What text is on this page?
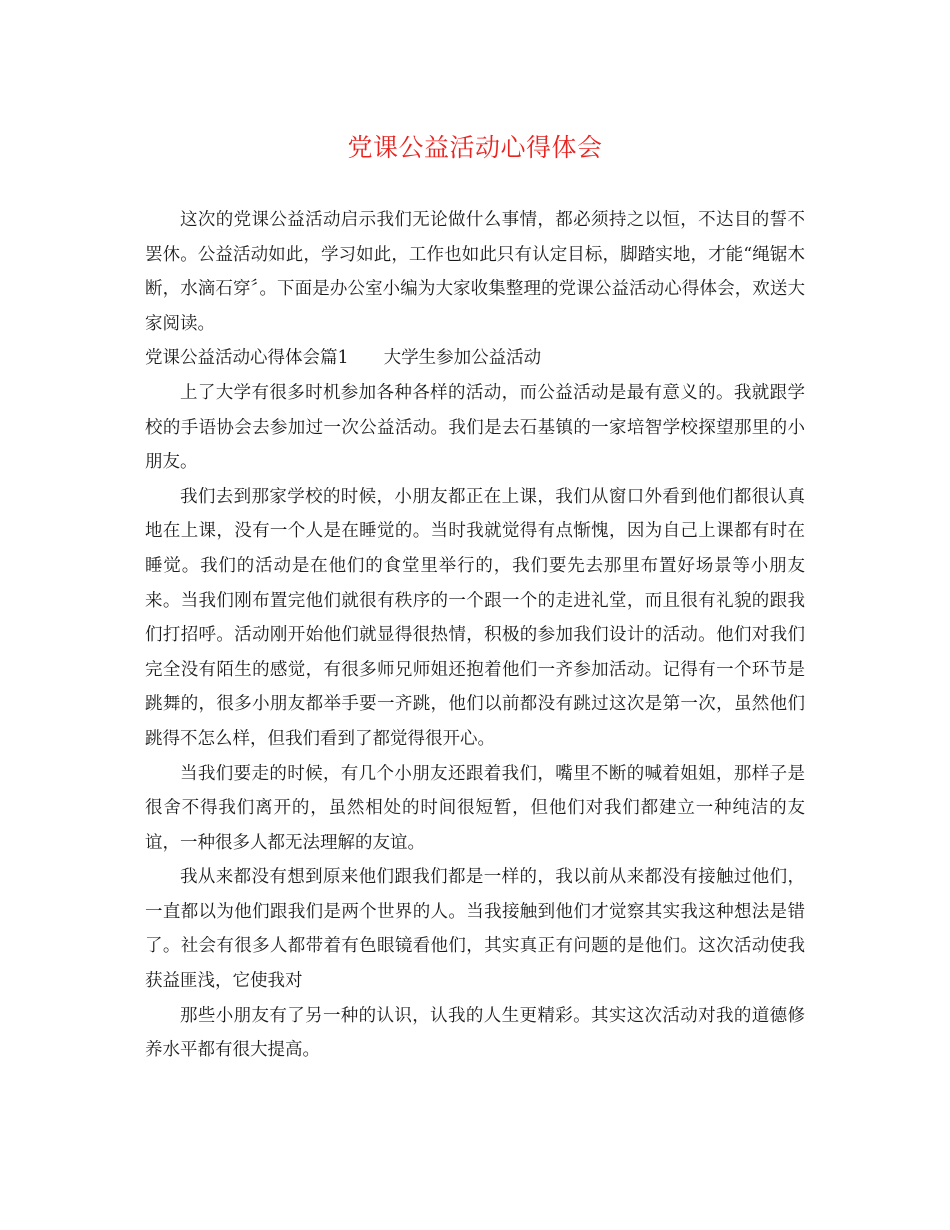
党课公益活动心得体会

这次的党课公益活动启示我们无论做什么事情，都必须持之以恒，不达目的誓不罢休。公益活动如此，学习如此，工作也如此只有认定目标，脚踏实地，才能“绳锯木断，水滴石穿〞。下面是办公室小编为大家收集整理的党课公益活动心得体会，欢送大家阅读。

党课公益活动心得体会篇1　　大学生参加公益活动

上了大学有很多时机参加各种各样的活动，而公益活动是最有意义的。我就跟学校的手语协会去参加过一次公益活动。我们是去石基镇的一家培智学校探望那里的小朋友。

我们去到那家学校的时候，小朋友都正在上课，我们从窗口外看到他们都很认真地在上课，没有一个人是在睡觉的。当时我就觉得有点惭愧，因为自己上课都有时在睡觉。我们的活动是在他们的食堂里举行的，我们要先去那里布置好场景等小朋友来。当我们刚布置完他们就很有秩序的一个跟一个的走进礼堂，而且很有礼貌的跟我们打招呼。活动刚开始他们就显得很热情，积极的参加我们设计的活动。他们对我们完全没有陌生的感觉，有很多师兄师姐还抱着他们一齐参加活动。记得有一个环节是跳舞的，很多小朋友都举手要一齐跳，他们以前都没有跳过这次是第一次，虽然他们跳得不怎么样，但我们看到了都觉得很开心。

当我们要走的时候，有几个小朋友还跟着我们，嘴里不断的喊着姐姐，那样子是很舍不得我们离开的，虽然相处的时间很短暂，但他们对我们都建立一种纯洁的友谊，一种很多人都无法理解的友谊。

我从来都没有想到原来他们跟我们都是一样的，我以前从来都没有接触过他们，一直都以为他们跟我们是两个世界的人。当我接触到他们才觉察其实我这种想法是错了。社会有很多人都带着有色眼镜看他们，其实真正有问题的是他们。这次活动使我获益匪浅，它使我对

那些小朋友有了另一种的认识，认我的人生更精彩。其实这次活动对我的道德修养水平都有很大提高。
